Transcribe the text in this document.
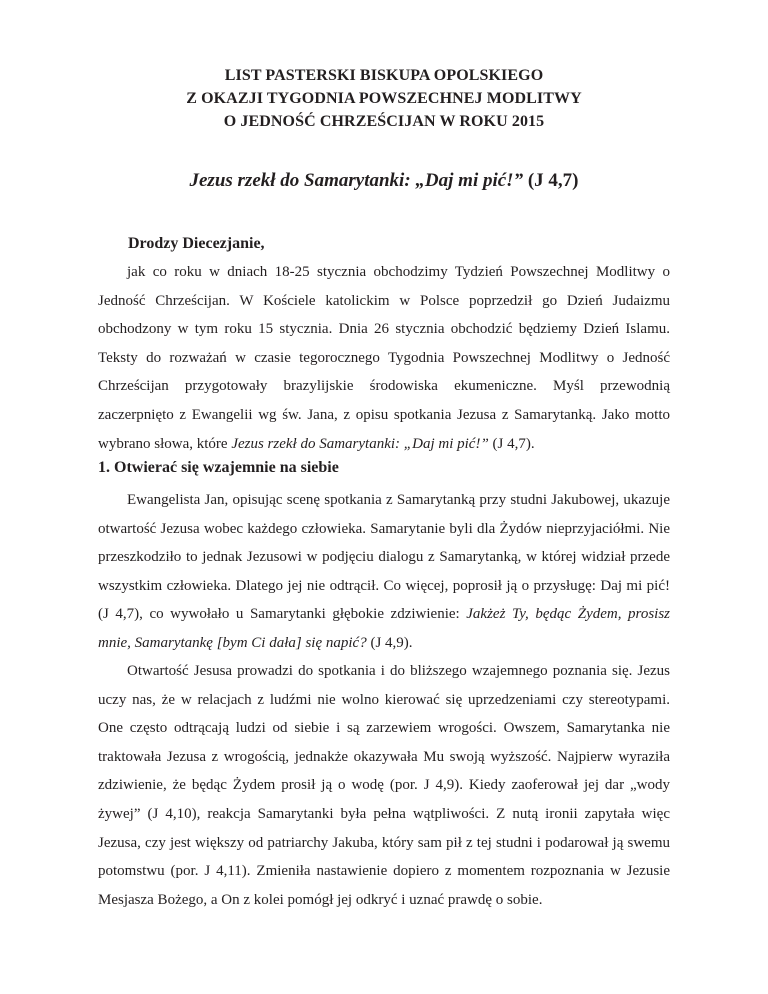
LIST PASTERSKI BISKUPA OPOLSKIEGO

Z OKAZJI TYGODNIA POWSZECHNEJ MODLITWY

O JEDNOŚĆ CHRZEŚCIJAN W ROKU 2015

Jezus rzekł do Samarytanki: „Daj mi pić!” (J 4,7)

Drodzy Diecezjanie,

jak co roku w dniach 18-25 stycznia obchodzimy Tydzień Powszechnej Modlitwy o Jedność Chrześcijan. W Kościele katolickim w Polsce poprzedził go Dzień Judaizmu obchodzony w tym roku 15 stycznia. Dnia 26 stycznia obchodzić będziemy Dzień Islamu. Teksty do rozważań w czasie tegorocznego Tygodnia Powszechnej Modlitwy o Jedność Chrześcijan przygotowały brazylijskie środowiska ekumeniczne. Myśl przewodnią zaczerpnięto z Ewangelii wg św. Jana, z opisu spotkania Jezusa z Samarytanką. Jako motto wybrano słowa, które Jezus rzekł do Samarytanki: „Daj mi pić!” (J 4,7).

1. Otwierać się wzajemnie na siebie

Ewangelista Jan, opisując scenę spotkania z Samarytanką przy studni Jakubowej, ukazuje otwartość Jezusa wobec każdego człowieka. Samarytanie byli dla Żydów nieprzyjaciółmi. Nie przeszkodziło to jednak Jezusowi w podjęciu dialogu z Samarytanką, w której widział przede wszystkim człowieka. Dlatego jej nie odtrącił. Co więcej, poprosił ją o przysługę: Daj mi pić! (J 4,7), co wywołało u Samarytanki głębokie zdziwienie: Jakżeż Ty, będąc Żydem, prosisz mnie, Samarytankę [bym Ci dała] się napić? (J 4,9).

Otwartość Jesusa prowadzi do spotkania i do bliższego wzajemnego poznania się. Jezus uczy nas, że w relacjach z ludźmi nie wolno kierować się uprzedzeniami czy stereotypami. One często odtrącają ludzi od siebie i są zarzewiem wrogości. Owszem, Samarytanka nie traktowała Jezusa z wrogością, jednakże okazywała Mu swoją wyższość. Najpierw wyraziła zdziwienie, że będąc Żydem prosił ją o wodę (por. J 4,9). Kiedy zaoferował jej dar „wody żywej” (J 4,10), reakcja Samarytanki była pełna wątpliwości. Z nutą ironii zapytała więc Jezusa, czy jest większy od patriarchy Jakuba, który sam pił z tej studni i podarował ją swemu potomstwu (por. J 4,11). Zmieniła nastawienie dopiero z momentem rozpoznania w Jezusie Mesjasza Bożego, a On z kolei pomógł jej odkryć i uznać prawdę o sobie.
